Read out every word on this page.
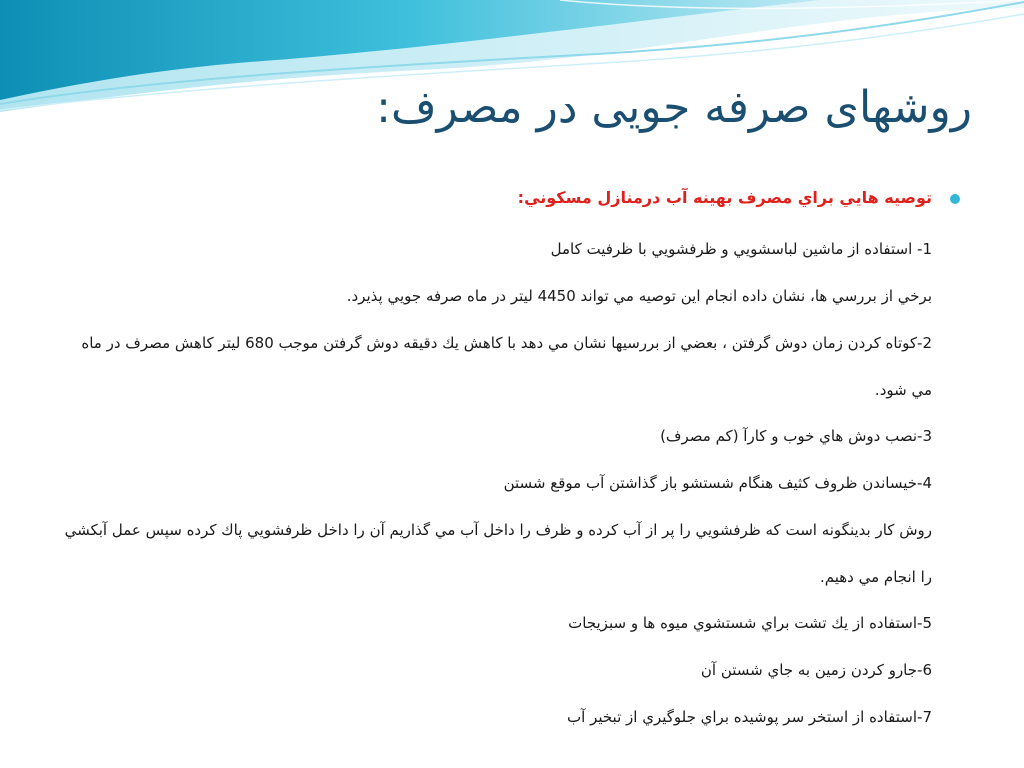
روشهای صرفه جویی در مصرف:
توصيه هايي براي مصرف بهينه آب درمنازل مسكوني:
1- استفاده از ماشين لباسشويي و ظرفشويي با ظرفيت كامل
برخي از بررسي ها، نشان داده انجام اين توصيه مي تواند 4450 ليتر در ماه صرفه جويي پذيرد.
2-كوتاه كردن زمان دوش گرفتن ، بعضي از بررسيها نشان مي دهد با كاهش يك دقيقه دوش گرفتن موجب 680 ليتر كاهش مصرف در ماه مي شود.
3-نصب دوش هاي خوب و كارآ (كم مصرف)
4-خيساندن ظروف كثيف هنگام شستشو باز گذاشتن آب موقع شستن
روش كار بدينگونه است كه ظرفشويي را پر از آب كرده و ظرف را داخل آب مي گذاريم آن را داخل ظرفشويي پاك كرده سپس عمل آبكشي را انجام مي دهيم.
5-استفاده از يك تشت براي شستشوي ميوه ها و سبزيجات
6-جارو كردن زمين به جاي شستن آن
7-استفاده از استخر سر پوشيده براي جلوگيري از تبخير آب
